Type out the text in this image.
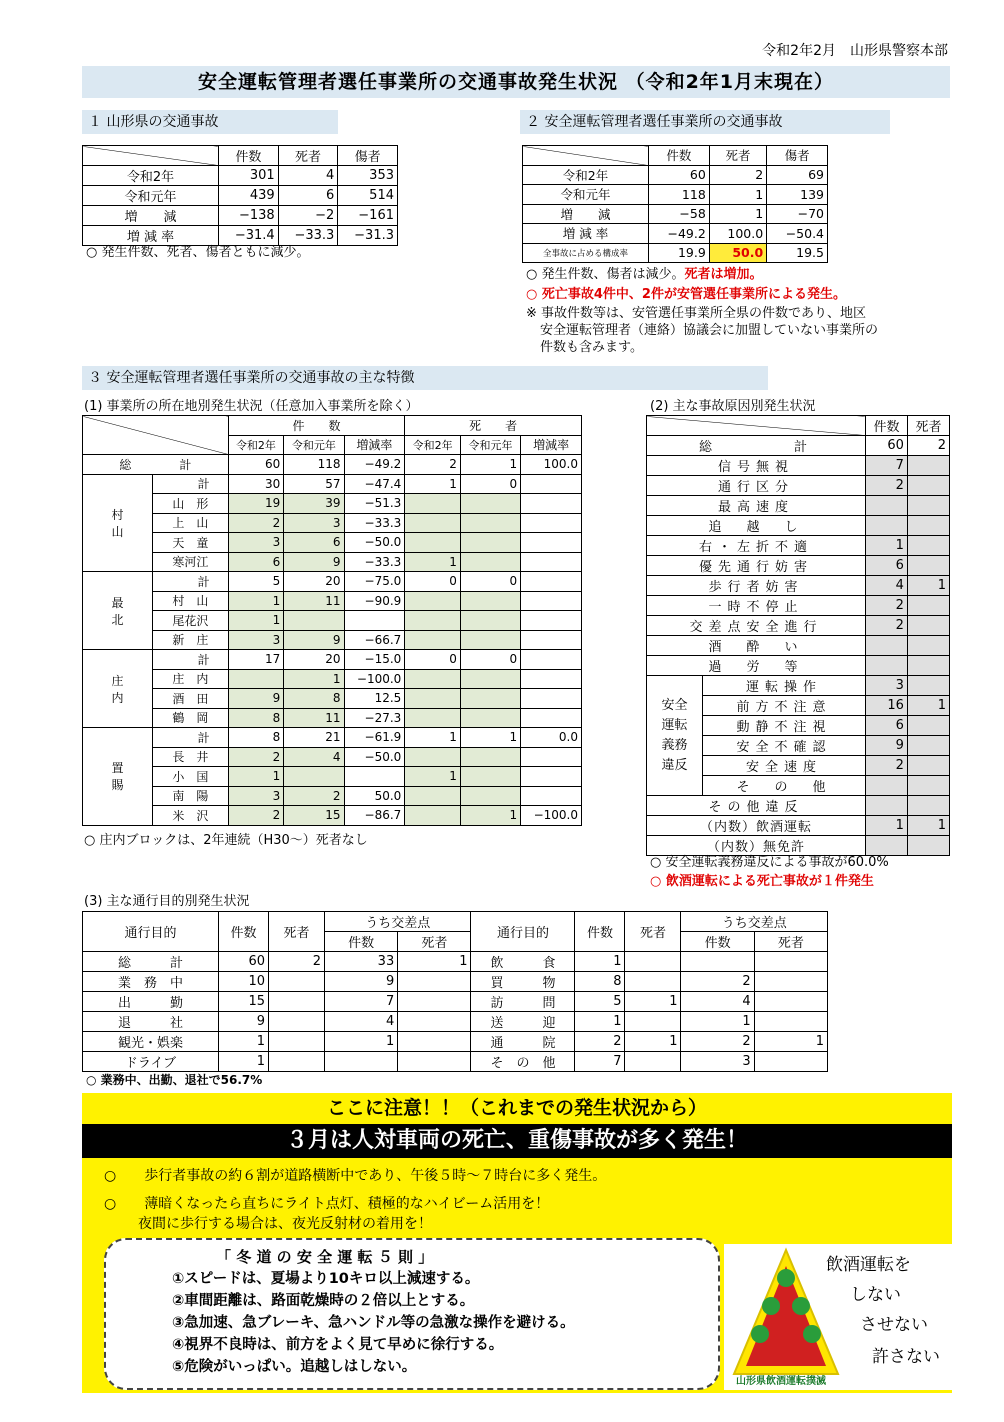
令和2年2月　山形県警察本部
安全運転管理者選任事業所の交通事故発生状況 （令和2年1月末現在）
１ 山形県の交通事故
	件数	死者	傷者
令和2年	301	4	353
令和元年	439	6	514
増　　減	−138	−2	−161
増 減 率	−31.4	−33.3	−31.3
○ 発生件数、死者、傷者ともに減少。
２ 安全運転管理者選任事業所の交通事故
	件数	死者	傷者
令和2年	60	2	69
令和元年	118	1	139
増　　減	−58	1	−70
増 減 率	−49.2	100.0	−50.4
全事故に占める構成率	19.9	50.0	19.5
○ 発生件数、傷者は減少。死者は増加。
○ 死亡事故4件中、2件が安管選任事業所による発生。
※ 事故件数等は、安管選任事業所全県の件数であり、地区
安全運転管理者（連絡）協議会に加盟していない事業所の
件数も含みます。
３ 安全運転管理者選任事業所の交通事故の主な特徴
(1) 事業所の所在地別発生状況（任意加入事業所を除く）
		件　　数			死　　者		
		令和2年	令和元年	増減率	令和2年	令和元年	増減率
総　　　　計		60	118	−49.2	2	1	100.0
村
山	計	30	57	−47.4	1	0	
	山　形	19	39	−51.3			
	上　山	2	3	−33.3			
	天　童	3	6	−50.0			
	寒河江	6	9	−33.3	1		
最
北	計	5	20	−75.0	0	0	
	村　山	1	11	−90.9			
	尾花沢	1					
	新　庄	3	9	−66.7			
庄
内	計	17	20	−15.0	0	0	
	庄　内		1	−100.0			
	酒　田	9	8	12.5			
	鶴　岡	8	11	−27.3			
置
賜	計	8	21	−61.9	1	1	0.0
	長　井	2	4	−50.0			
	小　国	1			1		
	南　陽	3	2	50.0			
	米　沢	2	15	−86.7		1	−100.0
○ 庄内ブロックは、2年連続（H30～）死者なし
(2) 主な事故原因別発生状況
		件数	死者
総　　　　計		60	2
信号無視		7	
通行区分		2	
最高速度			
追　越　し			
右・左折不適		1	
優先通行妨害		6	
歩行者妨害		4	1
一時不停止		2	
交差点安全進行		2	
酒　酔　い			
過　労　等			
安全
運転
義務
違反	運転操作	3	
	前方不注意	16	1
	動静不注視	6	
	安全不確認	9	
	安全速度	2	
	そ　の　他		
その他違反			
（内数）飲酒運転		1	1
（内数）無免許			
○ 安全運転義務違反による事故が60.0%
○ 飲酒運転による死亡事故が１件発生
(3) 主な通行目的別発生状況
通行目的	件数	死者	うち交差点		通行目的	件数	死者	うち交差点	
			件数	死者				件数	死者
総　　　計	60	2	33	1	飲　　　食	1			
業　務　中	10		9		買　　　物	8		2	
出　　　勤	15		7		訪　　　問	5	1	4	
退　　　社	9		4		送　　　迎	1		1	
観光・娯楽	1		1		通　　　院	2	1	2	1
ドライブ	1				そ　の　他	7		3	
○ 業務中、出勤、退社で56.7%
ここに注意！！（これまでの発生状況から）
３月は人対車両の死亡、重傷事故が多く発生！
○　　歩行者事故の約６割が道路横断中であり、午後５時～７時台に多く発生。
○　　薄暗くなったら直ちにライト点灯、積極的なハイビーム活用を！
夜間に歩行する場合は、夜光反射材の着用を！
「 冬 道 の 安 全 運 転 ５ 則 」
①スピードは、夏場より10キロ以上減速する。
②車間距離は、路面乾燥時の２倍以上とする。
③急加速、急ブレーキ、急ハンドル等の急激な操作を避ける。
④視界不良時は、前方をよく見て早めに徐行する。
⑤危険がいっぱい。追越しはしない。
山形県飲酒運転撲滅
飲酒運転を
しない
させない
許さない
